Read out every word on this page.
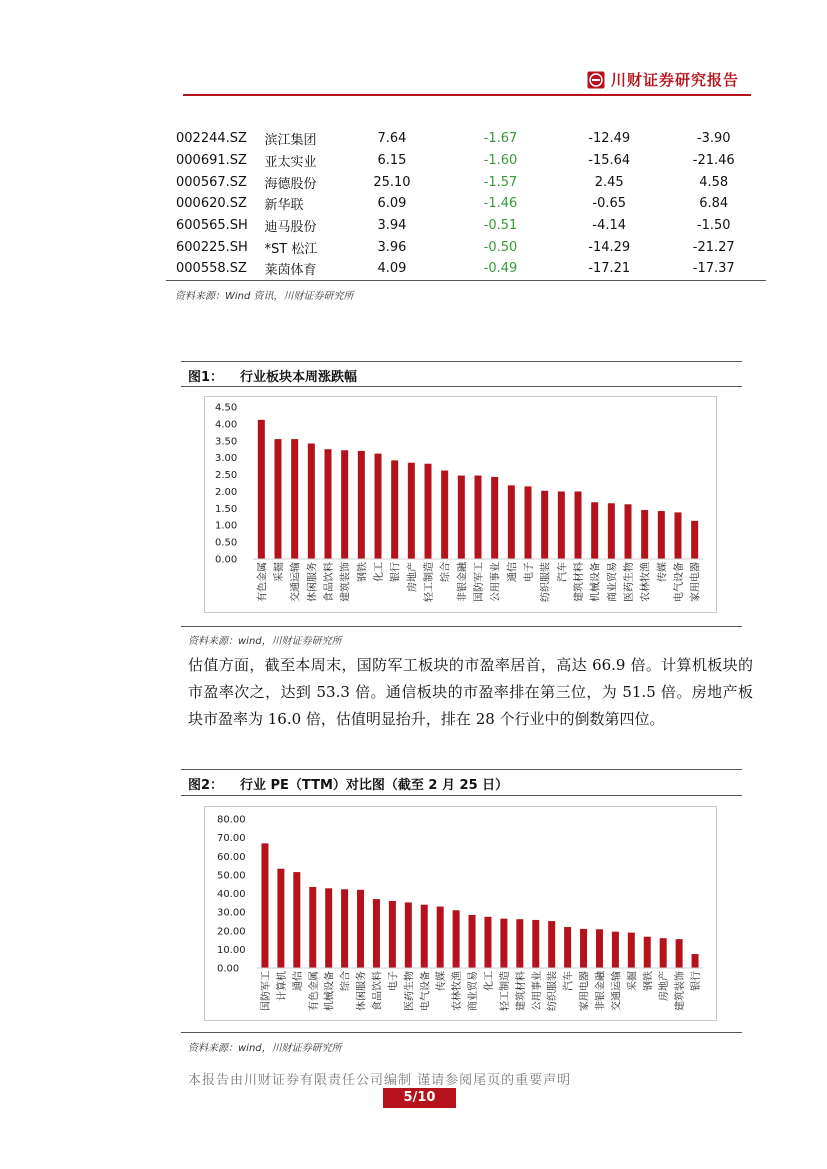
川财证券研究报告
002244.SZ	滨江集团	7.64	-1.67	-12.49	-3.90
000691.SZ	亚太实业	6.15	-1.60	-15.64	-21.46
000567.SZ	海德股份	25.10	-1.57	2.45	4.58
000620.SZ	新华联	6.09	-1.46	-0.65	6.84
600565.SH	迪马股份	3.94	-0.51	-4.14	-1.50
600225.SH	*ST 松江	3.96	-0.50	-14.29	-21.27
000558.SZ	莱茵体育	4.09	-0.49	-17.21	-17.37
资料来源：Wind 资讯，川财证券研究所
图1： 行业板块本周涨跌幅
4.50
4.00
3.50
3.00
2.50
2.00
1.50
1.00
0.50
0.00
有色金属 采掘 交通运输 休闲服务 食品饮料 建筑装饰 钢铁 化工 银行 房地产 轻工制造 综合 非银金融 国防军工 公用事业 通信 电子 纺织服装 汽车 建筑材料 机械设备 商业贸易 医药生物 农林牧渔 传媒 电气设备 家用电器
资料来源：wind，川财证券研究所
估值方面，截至本周末，国防军工板块的市盈率居首，高达 66.9 倍。计算机板块的市盈率次之，达到 53.3 倍。通信板块的市盈率排在第三位，为 51.5 倍。房地产板块市盈率为 16.0 倍，估值明显抬升，排在 28 个行业中的倒数第四位。
图2： 行业 PE（TTM）对比图（截至 2 月 25 日）
80.00
70.00
60.00
50.00
40.00
30.00
20.00
10.00
0.00
国防军工 计算机 通信 有色金属 机械设备 综合 休闲服务 食品饮料 电子 医药生物 电气设备 传媒 农林牧渔 商业贸易 化工 轻工制造 建筑材料 公用事业 纺织服装 汽车 家用电器 非银金融 交通运输 采掘 钢铁 房地产 建筑装饰 银行
资料来源：wind，川财证券研究所
本报告由川财证券有限责任公司编制 谨请参阅尾页的重要声明
5/10
